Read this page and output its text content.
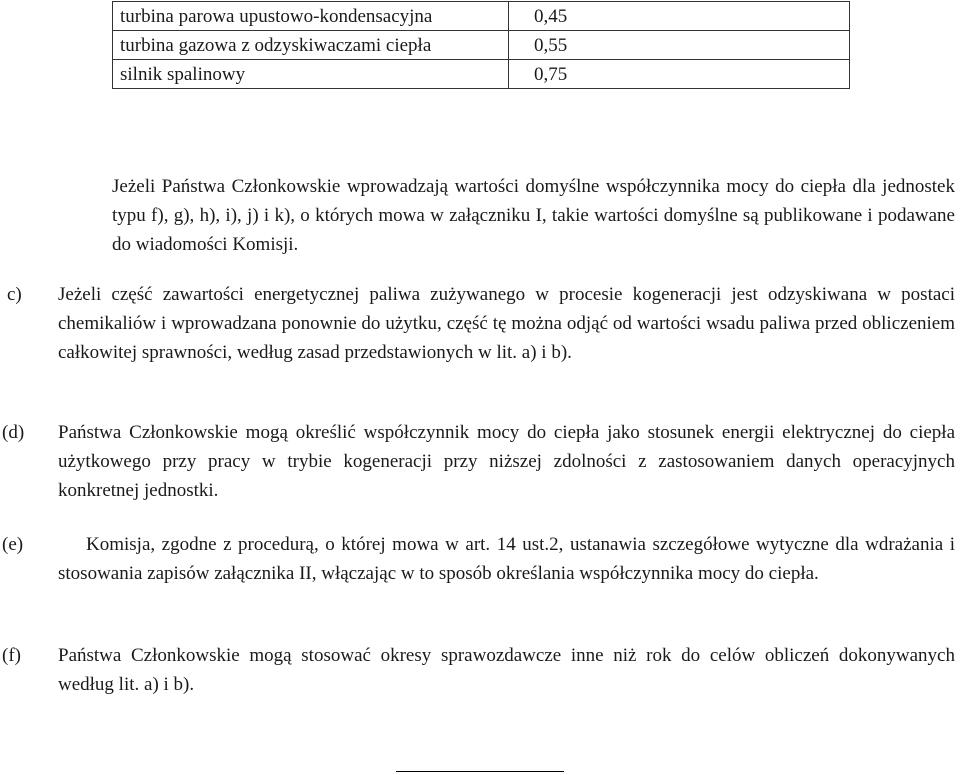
turbina parowa upustowo-kondensacyjna	0,45
turbina gazowa z odzyskiwaczami ciepła	0,55
silnik spalinowy	0,75

Jeżeli Państwa Członkowskie wprowadzają wartości domyślne współczynnika mocy do ciepła dla jednostek typu f), g), h), i), j) i k), o których mowa w załączniku I, takie wartości domyślne są publikowane i podawane do wiadomości Komisji.

c) Jeżeli część zawartości energetycznej paliwa zużywanego w procesie kogeneracji jest odzyskiwana w postaci chemikaliów i wprowadzana ponownie do użytku, część tę można odjąć od wartości wsadu paliwa przed obliczeniem całkowitej sprawności, według zasad przedstawionych w lit. a) i b).

(d) Państwa Członkowskie mogą określić współczynnik mocy do ciepła jako stosunek energii elektrycznej do ciepła użytkowego przy pracy w trybie kogeneracji przy niższej zdolności z zastosowaniem danych operacyjnych konkretnej jednostki.

(e)	Komisja, zgodne z procedurą, o której mowa w art. 14 ust.2, ustanawia szczegółowe wytyczne dla wdrażania i stosowania zapisów załącznika II, włączając w to sposób określania współczynnika mocy do ciepła.

(f) Państwa Członkowskie mogą stosować okresy sprawozdawcze inne niż rok do celów obliczeń dokonywanych według lit. a) i b).
